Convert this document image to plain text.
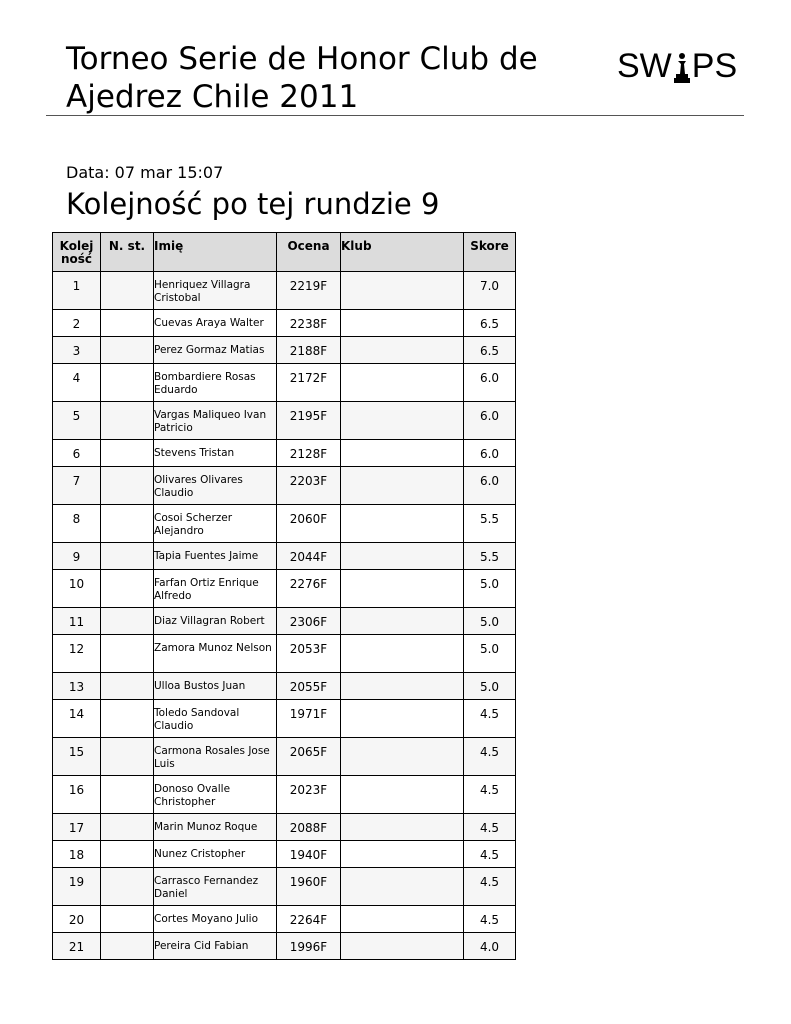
Torneo Serie de Honor Club de Ajedrez Chile 2011
SW PS
Data: 07 mar 15:07
Kolejność po tej rundzie 9
Kolej
ność	N. st.	Imię	Ocena	Klub	Skore
1		Henriquez Villagra Cristobal	2219F		7.0
2		Cuevas Araya Walter	2238F		6.5
3		Perez Gormaz Matias	2188F		6.5
4		Bombardiere Rosas Eduardo	2172F		6.0
5		Vargas Maliqueo Ivan Patricio	2195F		6.0
6		Stevens Tristan	2128F		6.0
7		Olivares Olivares Claudio	2203F		6.0
8		Cosoi Scherzer Alejandro	2060F		5.5
9		Tapia Fuentes Jaime	2044F		5.5
10		Farfan Ortiz Enrique Alfredo	2276F		5.0
11		Diaz Villagran Robert	2306F		5.0
12		Zamora Munoz Nelson	2053F		5.0
13		Ulloa Bustos Juan	2055F		5.0
14		Toledo Sandoval Claudio	1971F		4.5
15		Carmona Rosales Jose Luis	2065F		4.5
16		Donoso Ovalle Christopher	2023F		4.5
17		Marin Munoz Roque	2088F		4.5
18		Nunez Cristopher	1940F		4.5
19		Carrasco Fernandez Daniel	1960F		4.5
20		Cortes Moyano Julio	2264F		4.5
21		Pereira Cid Fabian	1996F		4.0
